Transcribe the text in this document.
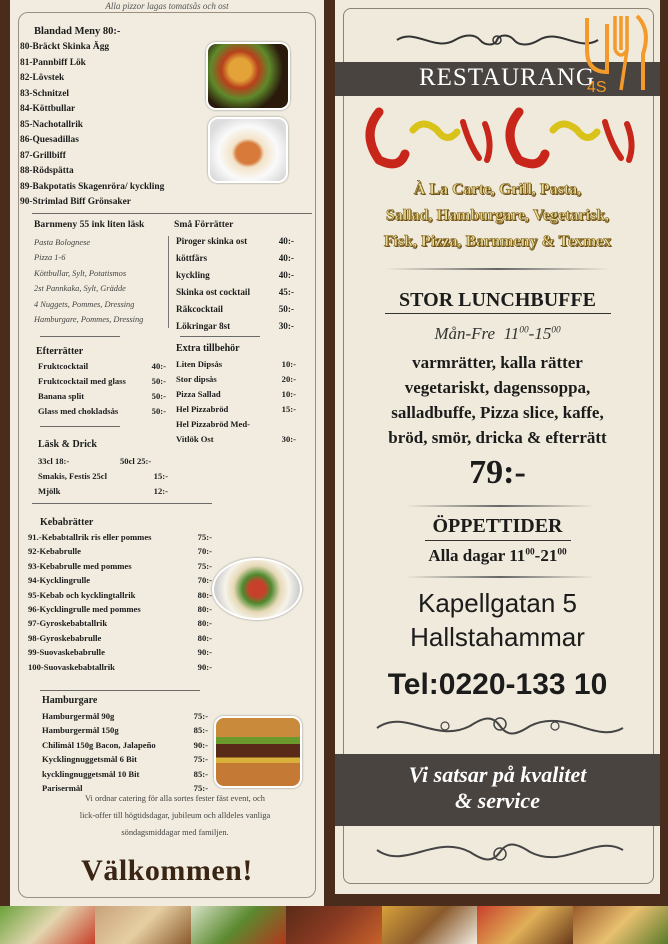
Alla pizzor lagas tomatsås och ost
Blandad Meny 80:-
Barnmeny 55 ink liten läsk	Små Förrätter
Efterrätter	Extra tillbehör
Läsk & Drick
Kebabrätter
Hamburgare
Vi ordnar catering för alla sortes fester fäst event, och
lick-offer till högtidsdagar, jubileum och alldeles vanliga
söndagsmiddagar med familjen.
Välkommen!
80-Bräckt Skinka Ägg
81-Pannbiff Lök
82-Lövstek
83-Schnitzel
84-Köttbullar
85-Nachotallrik
86-Quesadillas
87-Grillbiff
88-Rödspätta
89-Bakpotatis Skagenröra/ kyckling
90-Strimlad Biff Grönsaker
Pasta Bolognese
Pizza 1-6
Köttbullar, Sylt, Potatismos
2st Pannkaka, Sylt, Grädde
4 Nuggets, Pommes, Dressing
Hamburgare, Pommes, Dressing
Piroger skinka ost	40:-
köttfärs	40:-
kyckling	40:-
Skinka ost cocktail	45:-
Räkcocktail	50:-
Lökringar 8st	30:-
Fruktcocktail	40:-
Fruktcocktail med glass	50:-
Banana split	50:-
Glass med chokladsås	50:-
Liten Dipsås	10:-
Stor dipsås	20:-
Pizza Sallad	10:-
Hel Pizzabröd	15:-
Hel Pizzabröd Med-
Vitlök Ost	30:-
33cl 18:-	50cl 25:-
Smakis, Festis 25cl	15:-
Mjölk	12:-
91.-Kebabtallrik ris eller pommes	75:-
92-Kebabrulle	70:-
93-Kebabrulle med pommes	75:-
94-Kycklingrulle	70:-
95-Kebab och kycklingtallrik	80:-
96-Kycklingrulle med pommes	80:-
97-Gyroskebabtallrik	80:-
98-Gyroskebabrulle	80:-
99-Suovaskebabrulle	90:-
100-Suovaskebabtallrik	90:-
Hamburgermål 90g	75:-
Hamburgermål 150g	85:-
Chilimål 150g Bacon, Jalapeño	90:-
Kycklingnuggetsmål 6 Bit	75:-
kycklingnuggetsmål 10 Bit	85:-
Parisermål	75:-
RESTAURANG
4S
À La Carte, Grill, Pasta,
Sallad, Hamburgare, Vegetarisk,
Fisk, Pizza, Barnmeny & Texmex
STOR LUNCHBUFFE
Mån-Fre $11^{00}-15^{00}$
varmrätter, kalla rätter
vegetariskt, dagenssoppa,
salladbuffe, Pizza slice, kaffe,
bröd, smör, dricka & efterrätt
79:-
ÖPPETTIDER
Alla dagar $11^{00}-21^{00}$
Kapellgatan 5
Hallstahammar
Tel:0220-133 10
Vi satsar på kvalitet
& service
